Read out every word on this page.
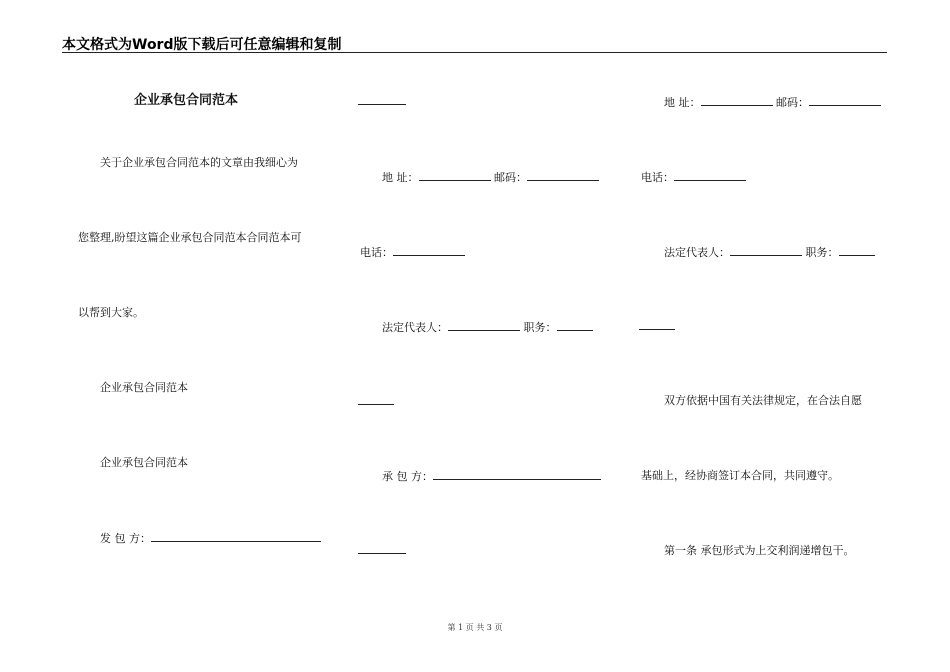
本文格式为Word版下载后可任意编辑和复制
企业承包合同范本
关于企业承包合同范本的文章由我细心为
您整理,盼望这篇企业承包合同范本合同范本可
以帮到大家。
企业承包合同范本
企业承包合同范本
发 包 方：
地 址：	邮码：
电话：
法定代表人：	职务：
承 包 方：
地 址：	邮码：
电话：
法定代表人：	职务：
双方依据中国有关法律规定，在合法自愿
基础上，经协商签订本合同，共同遵守。
第一条 承包形式为上交利润递增包干。
第 1 页 共 3 页
